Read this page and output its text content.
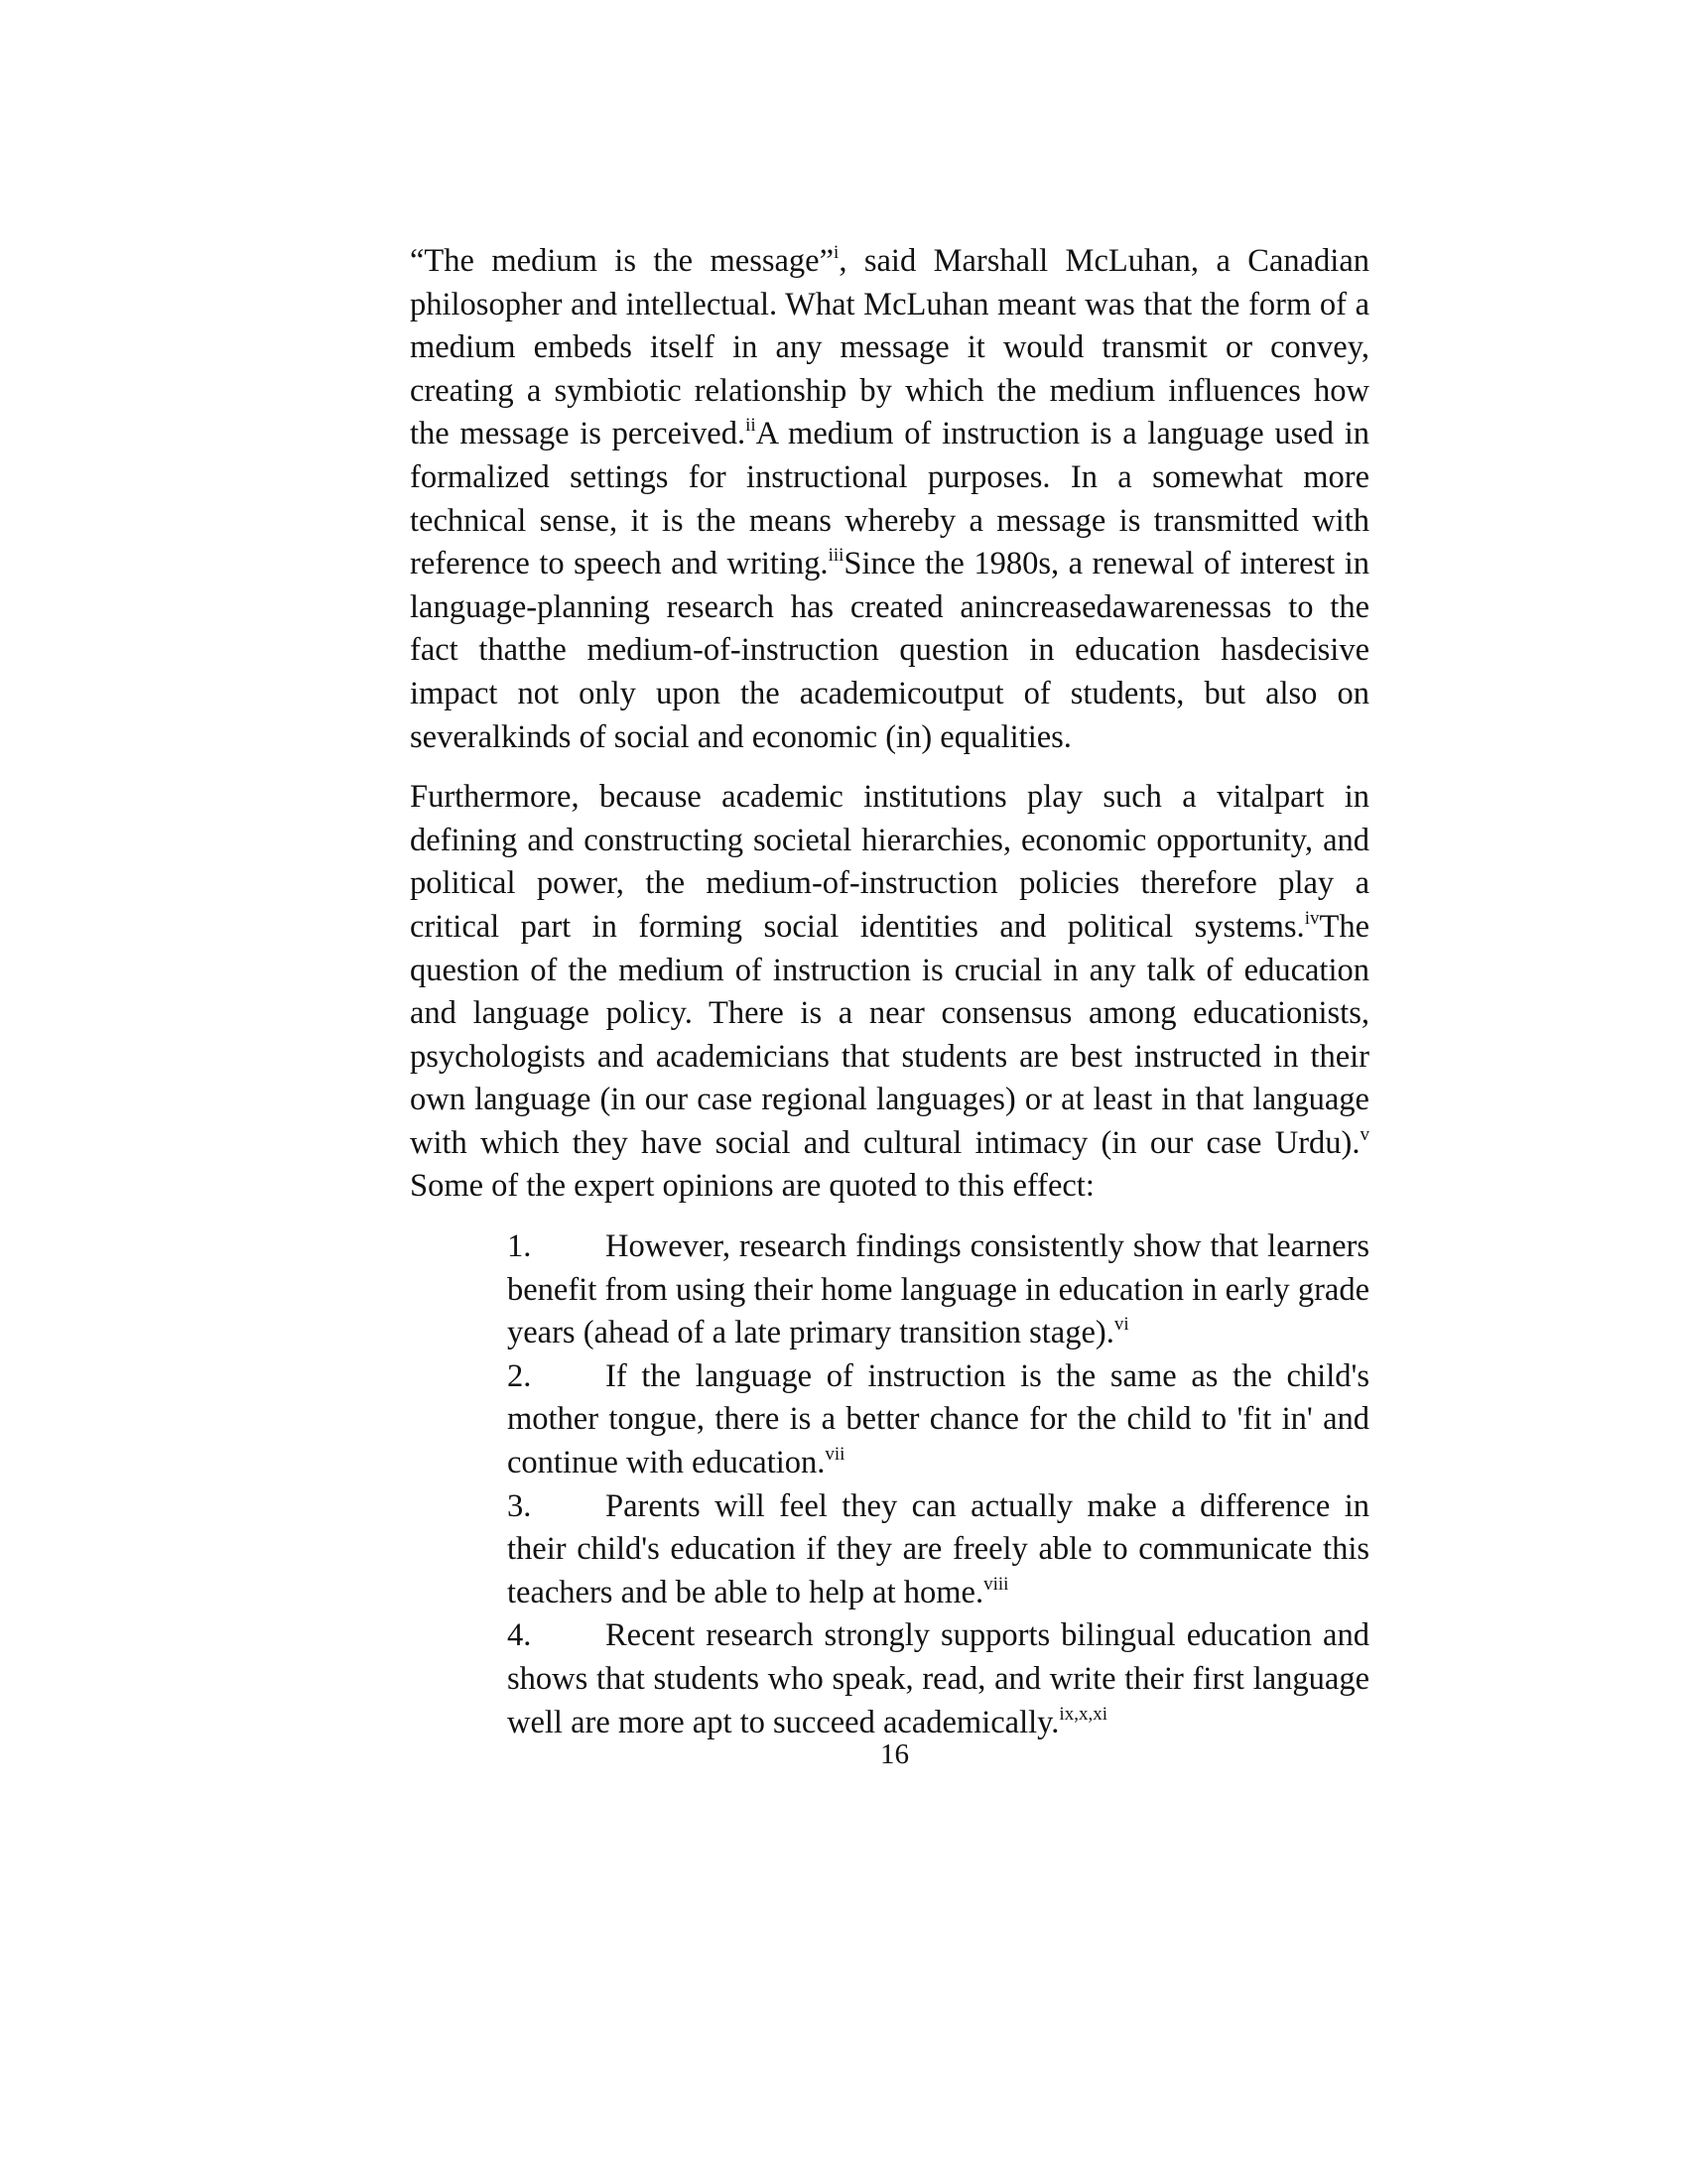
“The medium is the message”$^i$, said Marshall McLuhan, a Canadian philosopher and intellectual. What McLuhan meant was that the form of a medium embeds itself in any message it would transmit or convey, creating a symbiotic relationship by which the medium influences how the message is perceived.$^{ii}$A medium of instruction is a language used in formalized settings for instructional purposes. In a somewhat more technical sense, it is the means whereby a message is transmitted with reference to speech and writing.$^{iii}$Since the 1980s, a renewal of interest in language-planning research has created anincreasedawarenessas to the fact thatthe medium-of-instruction question in education hasdecisive impact not only upon the academicoutput of students, but also on severalkinds of social and economic (in) equalities.

Furthermore, because academic institutions play such a vitalpart in defining and constructing societal hierarchies, economic opportunity, and political power, the medium-of-instruction policies therefore play a critical part in forming social identities and political systems.$^{iv}$The question of the medium of instruction is crucial in any talk of education and language policy. There is a near consensus among educationists, psychologists and academicians that students are best instructed in their own language (in our case regional languages) or at least in that language with which they have social and cultural intimacy (in our case Urdu).$^v$ Some of the expert opinions are quoted to this effect:

1. However, research findings consistently show that learners benefit from using their home language in education in early grade years (ahead of a late primary transition stage).$^{vi}$
2. If the language of instruction is the same as the child's mother tongue, there is a better chance for the child to 'fit in' and continue with education.$^{vii}$
3. Parents will feel they can actually make a difference in their child's education if they are freely able to communicate this teachers and be able to help at home.$^{viii}$
4. Recent research strongly supports bilingual education and shows that students who speak, read, and write their first language well are more apt to succeed academically.$^{ix,x,xi}$
16
